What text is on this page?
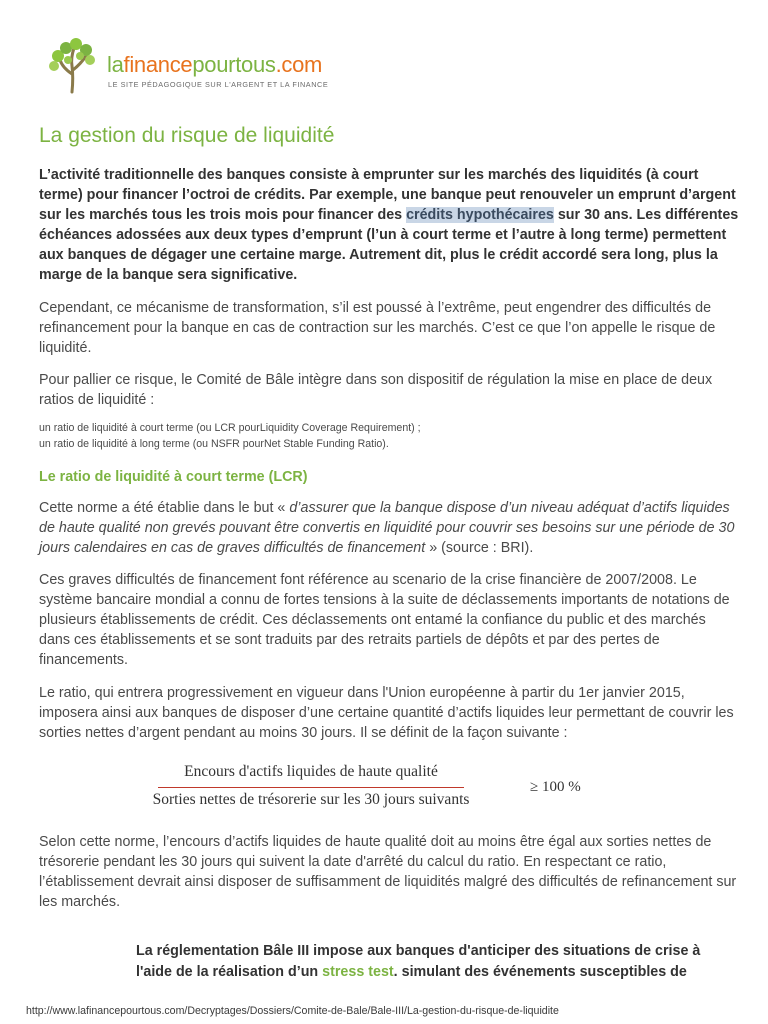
lafinancepourtous.com
LE SITE PÉDAGOGIQUE SUR L'ARGENT ET LA FINANCE
La gestion du risque de liquidité

L’activité traditionnelle des banques consiste à emprunter sur les marchés des liquidités (à court terme) pour financer l’octroi de crédits. Par exemple, une banque peut renouveler un emprunt d’argent sur les marchés tous les trois mois pour financer des crédits hypothécaires sur 30 ans. Les différentes échéances adossées aux deux types d’emprunt (l’un à court terme et l’autre à long terme) permettent aux banques de dégager une certaine marge. Autrement dit, plus le crédit accordé sera long, plus la marge de la banque sera significative.

Cependant, ce mécanisme de transformation, s’il est poussé à l’extrême, peut engendrer des difficultés de refinancement pour la banque en cas de contraction sur les marchés. C’est ce que l’on appelle le risque de liquidité.

Pour pallier ce risque, le Comité de Bâle intègre dans son dispositif de régulation la mise en place de deux ratios de liquidité :

un ratio de liquidité à court terme (ou LCR pourLiquidity Coverage Requirement) ;
un ratio de liquidité à long terme (ou NSFR pourNet Stable Funding Ratio).
Le ratio de liquidité à court terme (LCR)

Cette norme a été établie dans le but « d’assurer que la banque dispose d’un niveau adéquat d’actifs liquides de haute qualité non grevés pouvant être convertis en liquidité pour couvrir ses besoins sur une période de 30 jours calendaires en cas de graves difficultés de financement » (source : BRI).

Ces graves difficultés de financement font référence au scenario de la crise financière de 2007/2008. Le système bancaire mondial a connu de fortes tensions à la suite de déclassements importants de notations de plusieurs établissements de crédit. Ces déclassements ont entamé la confiance du public et des marchés dans ces établissements et se sont traduits par des retraits partiels de dépôts et par des pertes de financements.

Le ratio, qui entrera progressivement en vigueur dans l'Union européenne à partir du 1er janvier 2015, imposera ainsi aux banques de disposer d’une certaine quantité d’actifs liquides leur permettant de couvrir les sorties nettes d’argent pendant au moins 30 jours. Il se définit de la façon suivante :

Encours d'actifs liquides de haute qualité
Sorties nettes de trésorerie sur les 30 jours suivants
≥ 100 %

Selon cette norme, l’encours d’actifs liquides de haute qualité doit au moins être égal aux sorties nettes de trésorerie pendant les 30 jours qui suivent la date d'arrêté du calcul du ratio. En respectant ce ratio, l’établissement devrait ainsi disposer de suffisamment de liquidités malgré des difficultés de refinancement sur les marchés.

La réglementation Bâle III impose aux banques d'anticiper des situations de crise à l'aide de la réalisation d’un stress test. simulant des événements susceptibles de
http://www.lafinancepourtous.com/Decryptages/Dossiers/Comite-de-Bale/Bale-III/La-gestion-du-risque-de-liquidite
